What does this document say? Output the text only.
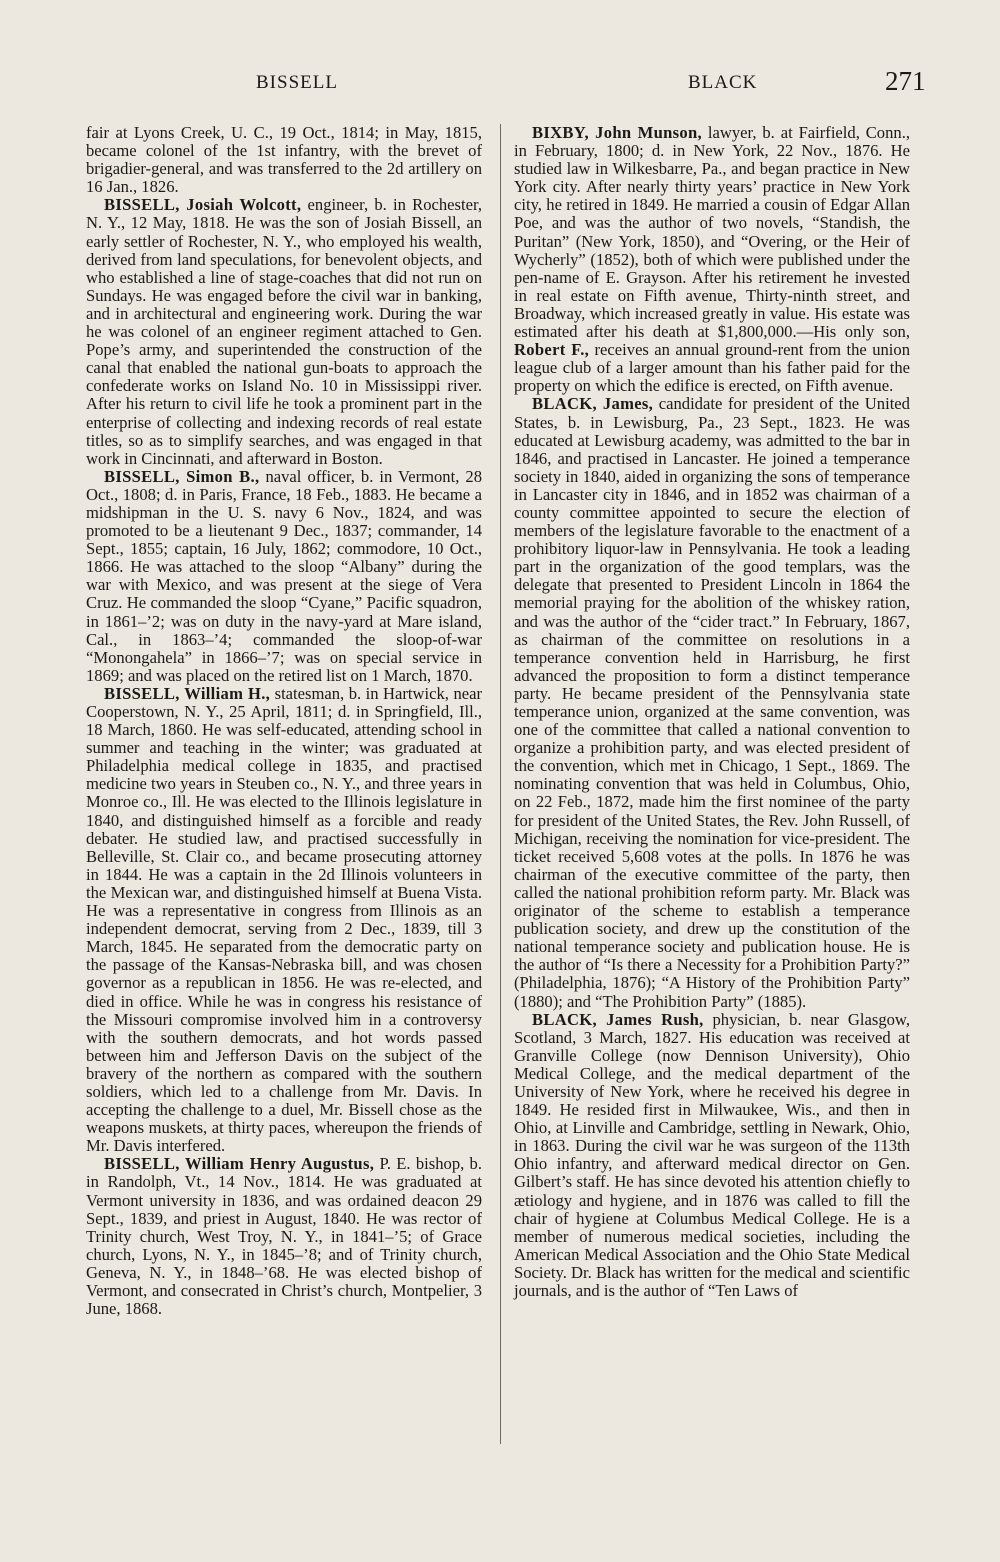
BISSELL	BLACK	271

fair at Lyons Creek, U. C., 19 Oct., 1814; in May, 1815, became colonel of the 1st infantry, with the brevet of brigadier-general, and was transferred to the 2d artillery on 16 Jan., 1826.

BISSELL, Josiah Wolcott, engineer, b. in Rochester, N. Y., 12 May, 1818. He was the son of Josiah Bissell, an early settler of Rochester, N. Y., who employed his wealth, derived from land speculations, for benevolent objects, and who established a line of stage-coaches that did not run on Sundays. He was engaged before the civil war in banking, and in architectural and engineering work. During the war he was colonel of an engineer regiment attached to Gen. Pope’s army, and superintended the construction of the canal that enabled the national gun-boats to approach the confederate works on Island No. 10 in Mississippi river. After his return to civil life he took a prominent part in the enterprise of collecting and indexing records of real estate titles, so as to simplify searches, and was engaged in that work in Cincinnati, and afterward in Boston.

BISSELL, Simon B., naval officer, b. in Vermont, 28 Oct., 1808; d. in Paris, France, 18 Feb., 1883. He became a midshipman in the U. S. navy 6 Nov., 1824, and was promoted to be a lieutenant 9 Dec., 1837; commander, 14 Sept., 1855; captain, 16 July, 1862; commodore, 10 Oct., 1866. He was attached to the sloop “Albany” during the war with Mexico, and was present at the siege of Vera Cruz. He commanded the sloop “Cyane,” Pacific squadron, in 1861–’2; was on duty in the navy-yard at Mare island, Cal., in 1863–’4; commanded the sloop-of-war “Monongahela” in 1866–’7; was on special service in 1869; and was placed on the retired list on 1 March, 1870.

BISSELL, William H., statesman, b. in Hartwick, near Cooperstown, N. Y., 25 April, 1811; d. in Springfield, Ill., 18 March, 1860. He was self-educated, attending school in summer and teaching in the winter; was graduated at Philadelphia medical college in 1835, and practised medicine two years in Steuben co., N. Y., and three years in Monroe co., Ill. He was elected to the Illinois legislature in 1840, and distinguished himself as a forcible and ready debater. He studied law, and practised successfully in Belleville, St. Clair co., and became prosecuting attorney in 1844. He was a captain in the 2d Illinois volunteers in the Mexican war, and distinguished himself at Buena Vista. He was a representative in congress from Illinois as an independent democrat, serving from 2 Dec., 1839, till 3 March, 1845. He separated from the democratic party on the passage of the Kansas-Nebraska bill, and was chosen governor as a republican in 1856. He was re-elected, and died in office. While he was in congress his resistance of the Missouri compromise involved him in a controversy with the southern democrats, and hot words passed between him and Jefferson Davis on the subject of the bravery of the northern as compared with the southern soldiers, which led to a challenge from Mr. Davis. In accepting the challenge to a duel, Mr. Bissell chose as the weapons muskets, at thirty paces, whereupon the friends of Mr. Davis interfered.

BISSELL, William Henry Augustus, P. E. bishop, b. in Randolph, Vt., 14 Nov., 1814. He was graduated at Vermont university in 1836, and was ordained deacon 29 Sept., 1839, and priest in August, 1840. He was rector of Trinity church, West Troy, N. Y., in 1841–’5; of Grace church, Lyons, N. Y., in 1845–’8; and of Trinity church, Geneva, N. Y., in 1848–’68. He was elected bishop of Vermont, and consecrated in Christ’s church, Montpelier, 3 June, 1868.

BIXBY, John Munson, lawyer, b. at Fairfield, Conn., in February, 1800; d. in New York, 22 Nov., 1876. He studied law in Wilkesbarre, Pa., and began practice in New York city. After nearly thirty years’ practice in New York city, he retired in 1849. He married a cousin of Edgar Allan Poe, and was the author of two novels, “Standish, the Puritan” (New York, 1850), and “Overing, or the Heir of Wycherly” (1852), both of which were published under the pen-name of E. Grayson. After his retirement he invested in real estate on Fifth avenue, Thirty-ninth street, and Broadway, which increased greatly in value. His estate was estimated after his death at $1,800,000.—His only son, Robert F., receives an annual ground-rent from the union league club of a larger amount than his father paid for the property on which the edifice is erected, on Fifth avenue.

BLACK, James, candidate for president of the United States, b. in Lewisburg, Pa., 23 Sept., 1823. He was educated at Lewisburg academy, was admitted to the bar in 1846, and practised in Lancaster. He joined a temperance society in 1840, aided in organizing the sons of temperance in Lancaster city in 1846, and in 1852 was chairman of a county committee appointed to secure the election of members of the legislature favorable to the enactment of a prohibitory liquor-law in Pennsylvania. He took a leading part in the organization of the good templars, was the delegate that presented to President Lincoln in 1864 the memorial praying for the abolition of the whiskey ration, and was the author of the “cider tract.” In February, 1867, as chairman of the committee on resolutions in a temperance convention held in Harrisburg, he first advanced the proposition to form a distinct temperance party. He became president of the Pennsylvania state temperance union, organized at the same convention, was one of the committee that called a national convention to organize a prohibition party, and was elected president of the convention, which met in Chicago, 1 Sept., 1869. The nominating convention that was held in Columbus, Ohio, on 22 Feb., 1872, made him the first nominee of the party for president of the United States, the Rev. John Russell, of Michigan, receiving the nomination for vice-president. The ticket received 5,608 votes at the polls. In 1876 he was chairman of the executive committee of the party, then called the national prohibition reform party. Mr. Black was originator of the scheme to establish a temperance publication society, and drew up the constitution of the national temperance society and publication house. He is the author of “Is there a Necessity for a Prohibition Party?” (Philadelphia, 1876); “A History of the Prohibition Party” (1880); and “The Prohibition Party” (1885).

BLACK, James Rush, physician, b. near Glasgow, Scotland, 3 March, 1827. His education was received at Granville College (now Dennison University), Ohio Medical College, and the medical department of the University of New York, where he received his degree in 1849. He resided first in Milwaukee, Wis., and then in Ohio, at Linville and Cambridge, settling in Newark, Ohio, in 1863. During the civil war he was surgeon of the 113th Ohio infantry, and afterward medical director on Gen. Gilbert’s staff. He has since devoted his attention chiefly to ætiology and hygiene, and in 1876 was called to fill the chair of hygiene at Columbus Medical College. He is a member of numerous medical societies, including the American Medical Association and the Ohio State Medical Society. Dr. Black has written for the medical and scientific journals, and is the author of “Ten Laws of
